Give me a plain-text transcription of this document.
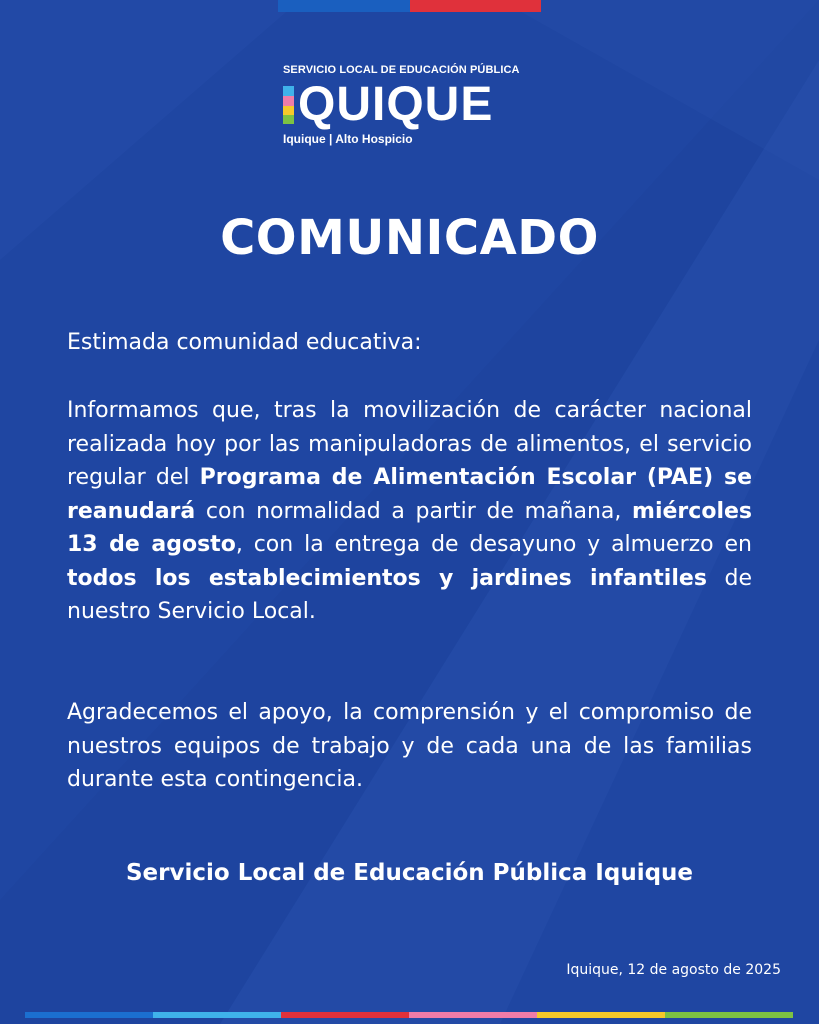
SERVICIO LOCAL DE EDUCACIÓN PÚBLICA
QUIQUE
Iquique | Alto Hospicio
COMUNICADO
Estimada comunidad educativa:
Informamos que, tras la movilización de carácter nacional realizada hoy por las manipuladoras de alimentos, el servicio regular del Programa de Alimentación Escolar (PAE) se reanudará con normalidad a partir de mañana, miércoles 13 de agosto, con la entrega de desayuno y almuerzo en todos los establecimientos y jardines infantiles de nuestro Servicio Local.
Agradecemos el apoyo, la comprensión y el compromiso de nuestros equipos de trabajo y de cada una de las familias durante esta contingencia.
Servicio Local de Educación Pública Iquique
Iquique, 12 de agosto de 2025
